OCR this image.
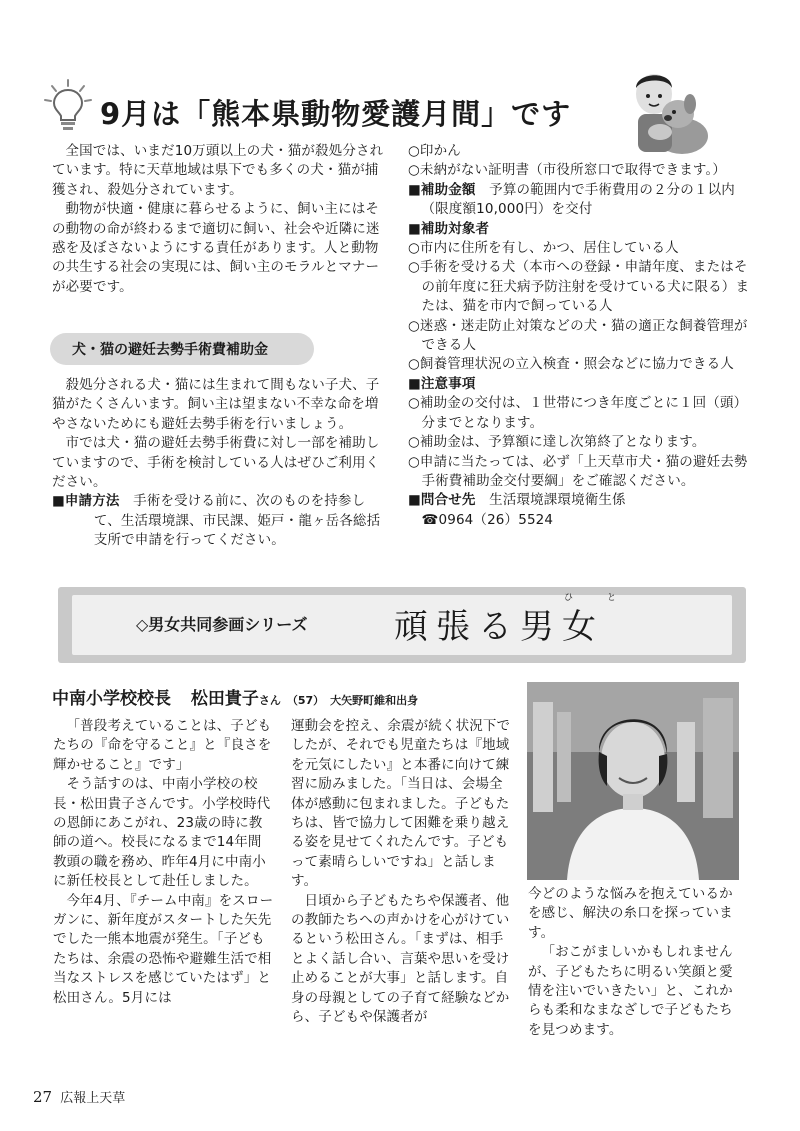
9月は「熊本県動物愛護月間」です
全国では、いまだ10万頭以上の犬・猫が殺処分されています。特に天草地域は県下でも多くの犬・猫が捕獲され、殺処分されています。
動物が快適・健康に暮らせるように、飼い主にはその動物の命が終わるまで適切に飼い、社会や近隣に迷惑を及ぼさないようにする責任があります。人と動物の共生する社会の実現には、飼い主のモラルとマナーが必要です。
犬・猫の避妊去勢手術費補助金
殺処分される犬・猫には生まれて間もない子犬、子猫がたくさんいます。飼い主は望まない不幸な命を増やさないためにも避妊去勢手術を行いましょう。
市では犬・猫の避妊去勢手術費に対し一部を補助していますので、手術を検討している人はぜひご利用ください。
■申請方法　 手術を受ける前に、次のものを持参して、生活環境課、市民課、姫戸・龍ヶ岳各総括支所で申請を行ってください。
○印かん
○未納がない証明書（市役所窓口で取得できます。）
■補助金額　 予算の範囲内で手術費用の２分の１以内（限度額10,000円）を交付
■補助対象者
○市内に住所を有し、かつ、居住している人
○手術を受ける犬（本市への登録・申請年度、またはその前年度に狂犬病予防注射を受けている犬に限る）または、猫を市内で飼っている人
○迷惑・迷走防止対策などの犬・猫の適正な飼養管理ができる人
○飼養管理状況の立入検査・照会などに協力できる人
■注意事項
○補助金の交付は、１世帯につき年度ごとに１回（頭）分までとなります。
○補助金は、予算額に達し次第終了となります。
○申請に当たっては、必ず「上天草市犬・猫の避妊去勢手術費補助金交付要綱」をご確認ください。
■問合せ先　 生活環境課環境衛生係
☎0964（26）5524
◇男女共同参画シリーズ	頑張る男女
ひ	と
中南小学校校長 松田貴子さん （57） 大矢野町維和出身
「普段考えていることは、子どもたちの『命を守ること』と『良さを輝かせること』です」
そう話すのは、中南小学校の校長・松田貴子さんです。小学校時代の恩師にあこがれ、23歳の時に教師の道へ。校長になるまで14年間教頭の職を務め、昨年4月に中南小に新任校長として赴任しました。
今年4月、『チーム中南』をスローガンに、新年度がスタートした矢先でした一熊本地震が発生。「子どもたちは、余震の恐怖や避難生活で相当なストレスを感じていたはず」と松田さん。5月には
運動会を控え、余震が続く状況下でしたが、それでも児童たちは『地域を元気にしたい』と本番に向けて練習に励みました。「当日は、会場全体が感動に包まれました。子どもたちは、皆で協力して困難を乗り越える姿を見せてくれたんです。子どもって素晴らしいですね」と話します。
日頃から子どもたちや保護者、他の教師たちへの声かけを心がけているという松田さん。「まずは、相手とよく話し合い、言葉や思いを受け止めることが大事」と話します。自身の母親としての子育て経験などから、子どもや保護者が
今どのような悩みを抱えているかを感じ、解決の糸口を探っています。
「おこがましいかもしれませんが、子どもたちに明るい笑顔と愛情を注いでいきたい」と、これからも柔和なまなざしで子どもたちを見つめます。
27 広報上天草
